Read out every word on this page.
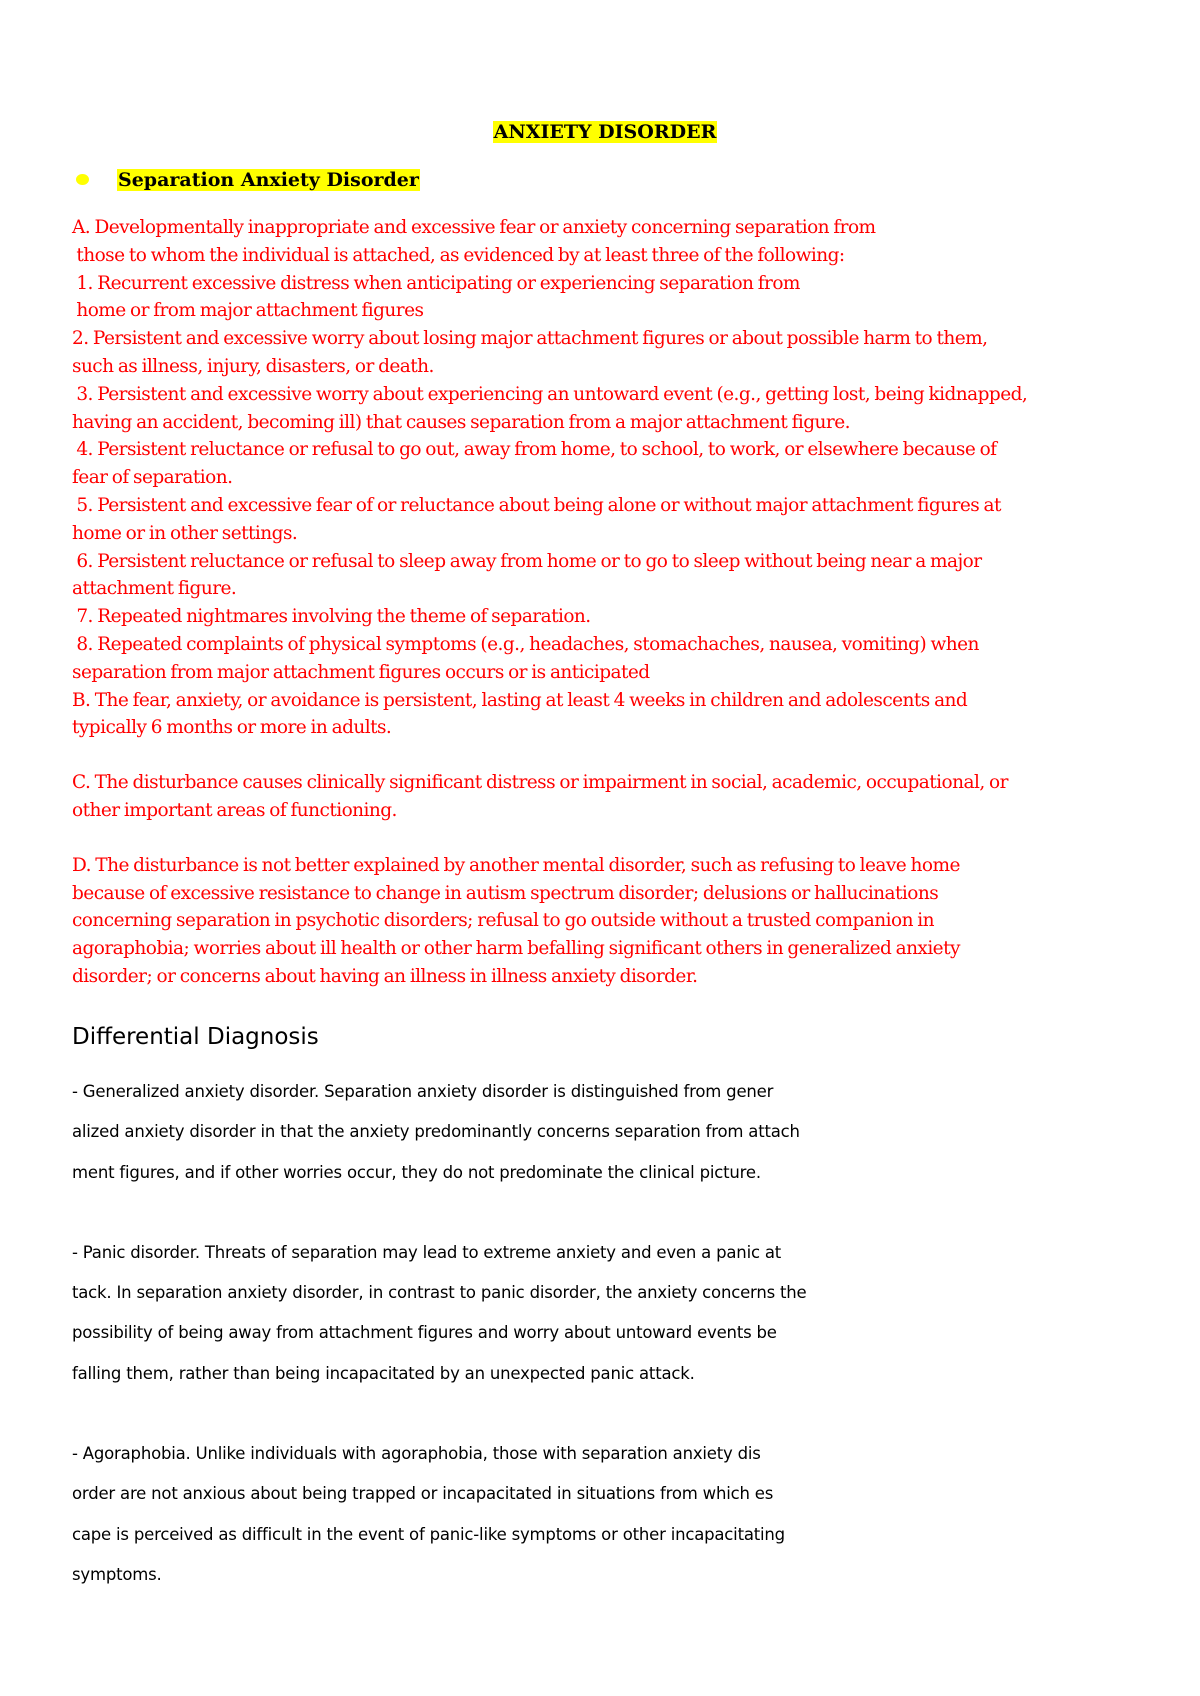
ANXIETY DISORDER
Separation Anxiety Disorder
A. Developmentally inappropriate and excessive fear or anxiety concerning separation from
those to whom the individual is attached, as evidenced by at least three of the following:
1. Recurrent excessive distress when anticipating or experiencing separation from
home or from major attachment figures
2. Persistent and excessive worry about losing major attachment figures or about possible harm to them,
such as illness, injury, disasters, or death.
3. Persistent and excessive worry about experiencing an untoward event (e.g., getting lost, being kidnapped,
having an accident, becoming ill) that causes separation from a major attachment figure.
4. Persistent reluctance or refusal to go out, away from home, to school, to work, or elsewhere because of
fear of separation.
5. Persistent and excessive fear of or reluctance about being alone or without major attachment figures at
home or in other settings.
6. Persistent reluctance or refusal to sleep away from home or to go to sleep without being near a major
attachment figure.
7. Repeated nightmares involving the theme of separation.
8. Repeated complaints of physical symptoms (e.g., headaches, stomachaches, nausea, vomiting) when
separation from major attachment figures occurs or is anticipated
B. The fear, anxiety, or avoidance is persistent, lasting at least 4 weeks in children and adolescents and
typically 6 months or more in adults.
C. The disturbance causes clinically significant distress or impairment in social, academic, occupational, or
other important areas of functioning.
D. The disturbance is not better explained by another mental disorder, such as refusing to leave home
because of excessive resistance to change in autism spectrum disorder; delusions or hallucinations
concerning separation in psychotic disorders; refusal to go outside without a trusted companion in
agoraphobia; worries about ill health or other harm befalling significant others in generalized anxiety
disorder; or concerns about having an illness in illness anxiety disorder.
Differential Diagnosis
- Generalized anxiety disorder. Separation anxiety disorder is distinguished from gener
alized anxiety disorder in that the anxiety predominantly concerns separation from attach
ment figures, and if other worries occur, they do not predominate the clinical picture.
- Panic disorder. Threats of separation may lead to extreme anxiety and even a panic at
tack. In separation anxiety disorder, in contrast to panic disorder, the anxiety concerns the
possibility of being away from attachment figures and worry about untoward events be
falling them, rather than being incapacitated by an unexpected panic attack.
- Agoraphobia. Unlike individuals with agoraphobia, those with separation anxiety dis
order are not anxious about being trapped or incapacitated in situations from which es
cape is perceived as difficult in the event of panic-like symptoms or other incapacitating
symptoms.
